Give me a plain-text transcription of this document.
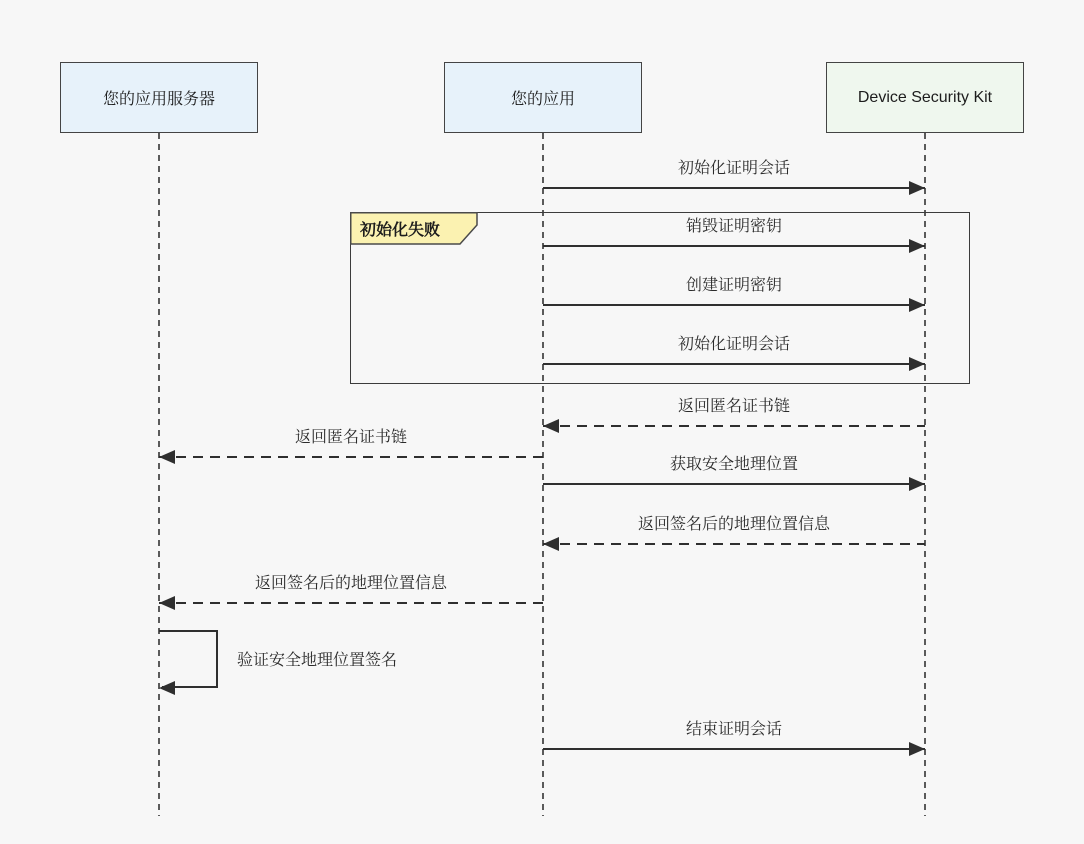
您的应用服务器	您的应用	Device Security Kit
初始化失败
初始化证明会话
销毁证明密钥
创建证明密钥
初始化证明会话
返回匿名证书链
返回匿名证书链
获取安全地理位置
返回签名后的地理位置信息
返回签名后的地理位置信息
结束证明会话
验证安全地理位置签名
